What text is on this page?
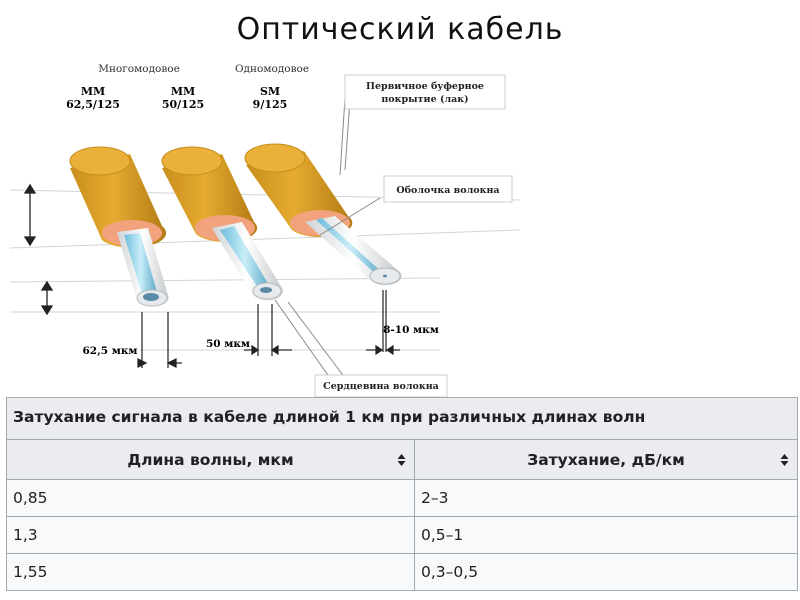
Оптический кабель
Первичное буферное
покрытие (лак)
Оболочка волокна
Сердцевина волокна
Многомодовое	Одномодовое
MM
62,5/125
MM
50/125
SM
9/125
62,5 мкм
50 мкм
8-10 мкм
Затухание сигнала в кабеле длиной 1 км при различных длинах волн
Длина волны, мкм	Затухание, дБ/км

0,85	2–3
1,3	0,5–1
1,55	0,3–0,5
